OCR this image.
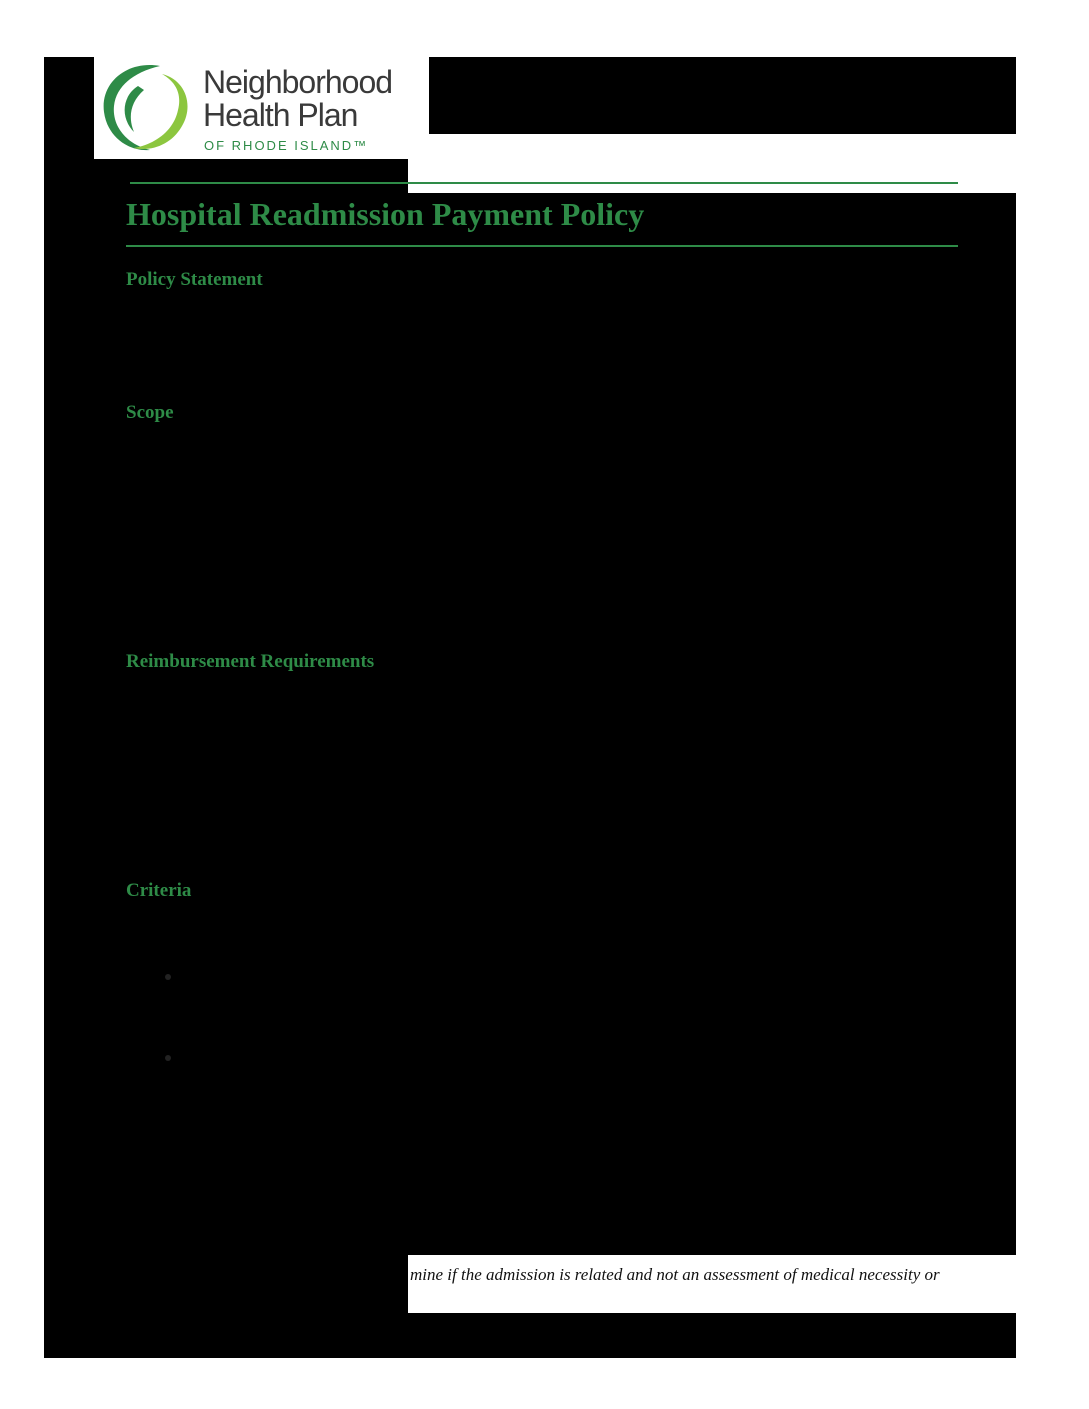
Neighborhood
Health Plan
OF RHODE ISLAND™
Hospital Readmission Payment Policy
Policy Statement
Scope
Reimbursement Requirements
Criteria
mine if the admission is related and not an assessment of medical necessity or
